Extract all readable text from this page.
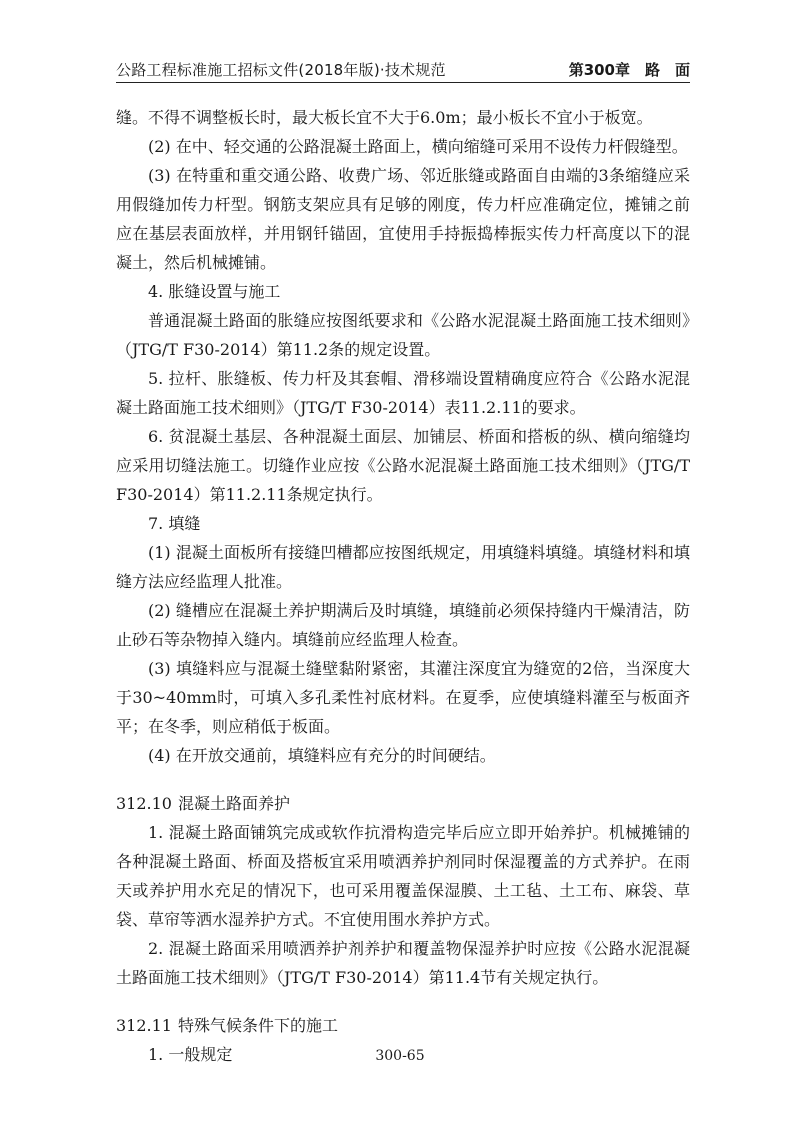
公路工程标准施工招标文件(2018年版)·技术规范	第300章　路　面

缝。不得不调整板长时，最大板长宜不大于6.0m；最小板长不宜小于板宽。

(2) 在中、轻交通的公路混凝土路面上，横向缩缝可采用不设传力杆假缝型。

(3) 在特重和重交通公路、收费广场、邻近胀缝或路面自由端的3条缩缝应采用假缝加传力杆型。钢筋支架应具有足够的刚度，传力杆应准确定位，摊铺之前应在基层表面放样，并用钢钎锚固，宜使用手持振捣棒振实传力杆高度以下的混凝土，然后机械摊铺。

4. 胀缝设置与施工

普通混凝土路面的胀缝应按图纸要求和《公路水泥混凝土路面施工技术细则》（JTG/T F30-2014）第11.2条的规定设置。

5. 拉杆、胀缝板、传力杆及其套帽、滑移端设置精确度应符合《公路水泥混凝土路面施工技术细则》（JTG/T F30-2014）表11.2.11的要求。

6. 贫混凝土基层、各种混凝土面层、加铺层、桥面和搭板的纵、横向缩缝均应采用切缝法施工。切缝作业应按《公路水泥混凝土路面施工技术细则》（JTG/T F30-2014）第11.2.11条规定执行。

7. 填缝

(1) 混凝土面板所有接缝凹槽都应按图纸规定，用填缝料填缝。填缝材料和填缝方法应经监理人批准。

(2) 缝槽应在混凝土养护期满后及时填缝，填缝前必须保持缝内干燥清洁，防止砂石等杂物掉入缝内。填缝前应经监理人检查。

(3) 填缝料应与混凝土缝壁黏附紧密，其灌注深度宜为缝宽的2倍，当深度大于30~40mm时，可填入多孔柔性衬底材料。在夏季，应使填缝料灌至与板面齐平；在冬季，则应稍低于板面。

(4) 在开放交通前，填缝料应有充分的时间硬结。

312.10 混凝土路面养护

1. 混凝土路面铺筑完成或软作抗滑构造完毕后应立即开始养护。机械摊铺的各种混凝土路面、桥面及搭板宜采用喷洒养护剂同时保湿覆盖的方式养护。在雨天或养护用水充足的情况下，也可采用覆盖保湿膜、土工毡、土工布、麻袋、草袋、草帘等洒水湿养护方式。不宜使用围水养护方式。

2. 混凝土路面采用喷洒养护剂养护和覆盖物保湿养护时应按《公路水泥混凝土路面施工技术细则》（JTG/T F30-2014）第11.4节有关规定执行。

312.11 特殊气候条件下的施工

1. 一般规定	300-65
